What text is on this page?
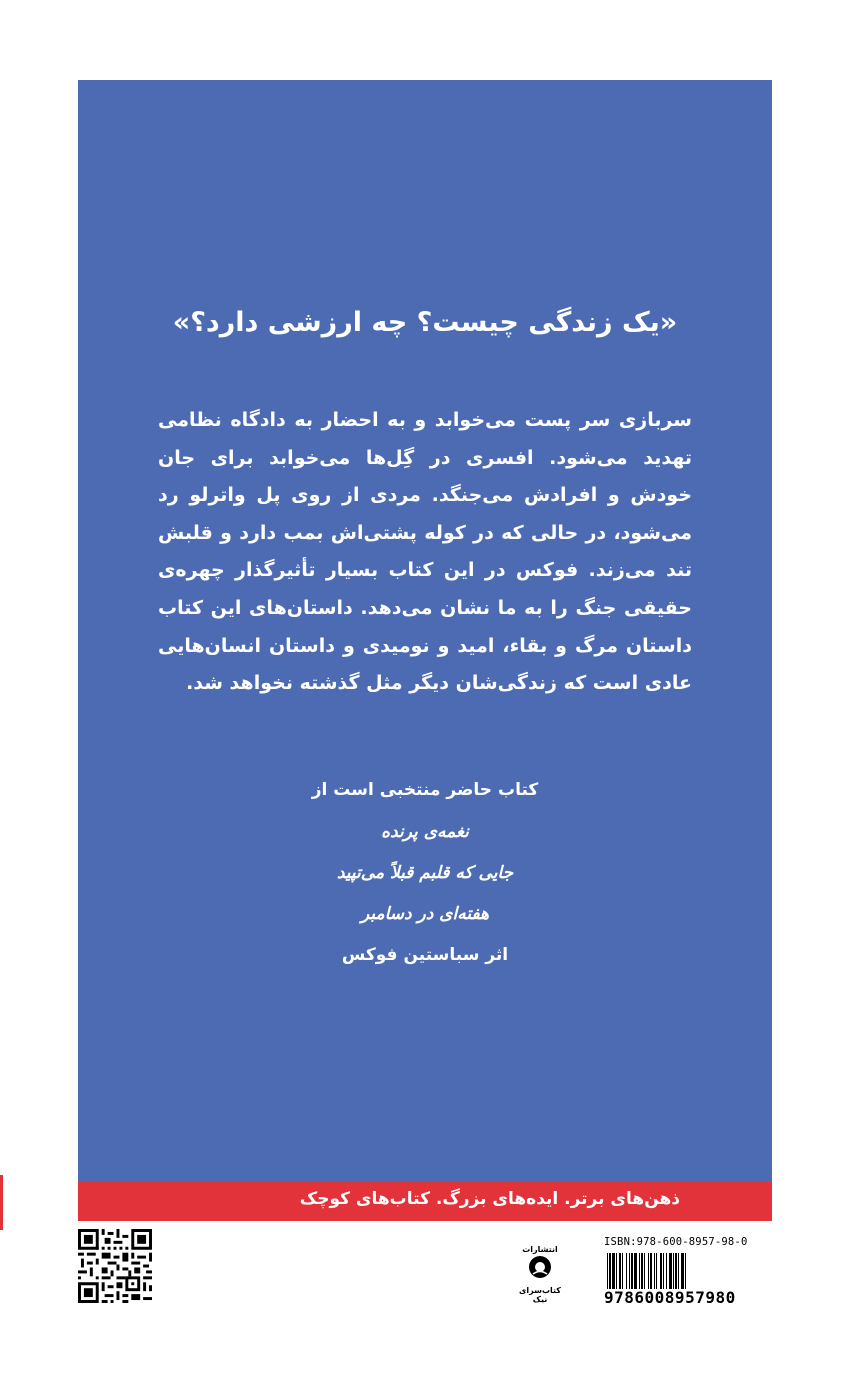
«یک زندگی چیست؟ چه ارزشی دارد؟»
سربازی سر پست می‌خوابد و به احضار به دادگاه نظامی تهدید می‌شود. افسری در گِل‌ها می‌خوابد برای جان خودش و افرادش می‌جنگد. مردی از روی پل واترلو رد می‌شود، در حالی که در کوله پشتی‌اش بمب دارد و قلبش تند می‌زند. فوکس در این کتاب بسیار تأثیرگذار چهره‌ی حقیقی جنگ را به ما نشان می‌دهد. داستان‌های این کتاب داستان مرگ و بقاء، امید و نومیدی و داستان انسان‌هایی عادی است که زندگی‌شان دیگر مثل گذشته نخواهد شد.
کتاب حاضر منتخبی است از
نغمه‌ی پرنده
جایی که قلبم قبلاً می‌تپید
هفته‌ای در دسامبر
اثر سباستین فوکس
ذهن‌های برتر. ایده‌های بزرگ. کتاب‌های کوچک
انتشارات
کتاب‌سرای نیک
ISBN:978-600-8957-98-0
9786008957980
